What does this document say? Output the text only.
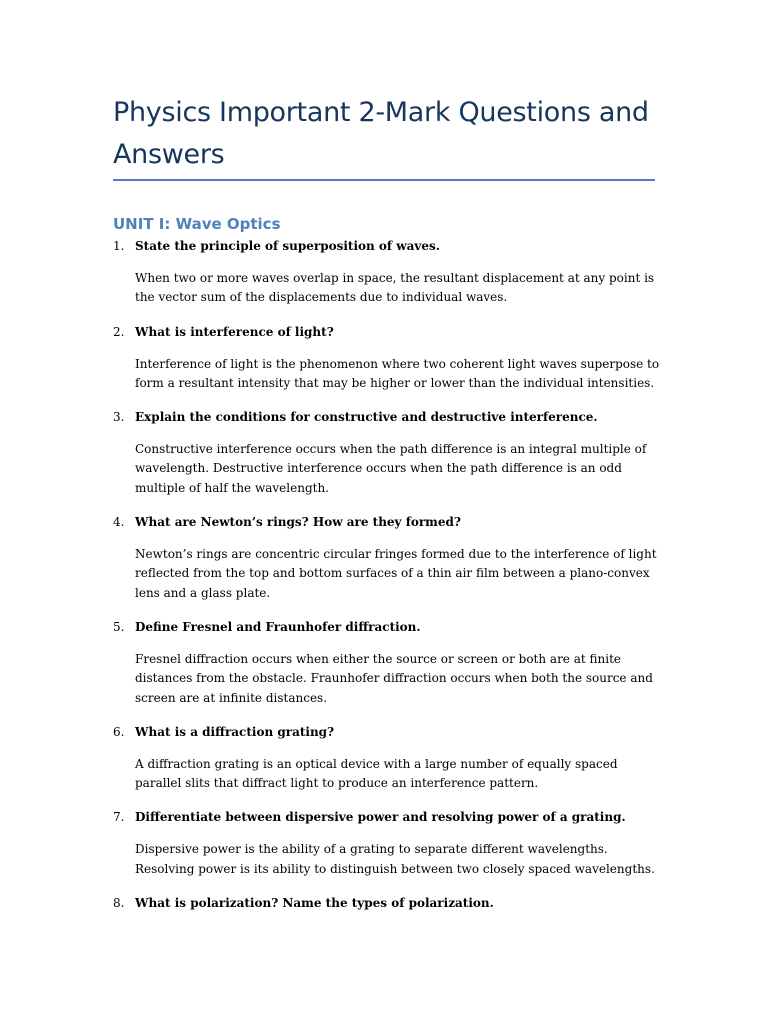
Physics Important 2-Mark Questions and Answers
UNIT I: Wave Optics
1. State the principle of superposition of waves.

When two or more waves overlap in space, the resultant displacement at any point is the vector sum of the displacements due to individual waves.

2. What is interference of light?

Interference of light is the phenomenon where two coherent light waves superpose to form a resultant intensity that may be higher or lower than the individual intensities.

3. Explain the conditions for constructive and destructive interference.

Constructive interference occurs when the path difference is an integral multiple of wavelength. Destructive interference occurs when the path difference is an odd multiple of half the wavelength.

4. What are Newton’s rings? How are they formed?

Newton’s rings are concentric circular fringes formed due to the interference of light reflected from the top and bottom surfaces of a thin air film between a plano-convex lens and a glass plate.

5. Define Fresnel and Fraunhofer diffraction.

Fresnel diffraction occurs when either the source or screen or both are at finite distances from the obstacle. Fraunhofer diffraction occurs when both the source and screen are at infinite distances.

6. What is a diffraction grating?

A diffraction grating is an optical device with a large number of equally spaced parallel slits that diffract light to produce an interference pattern.

7. Differentiate between dispersive power and resolving power of a grating.

Dispersive power is the ability of a grating to separate different wavelengths. Resolving power is its ability to distinguish between two closely spaced wavelengths.

8. What is polarization? Name the types of polarization.
